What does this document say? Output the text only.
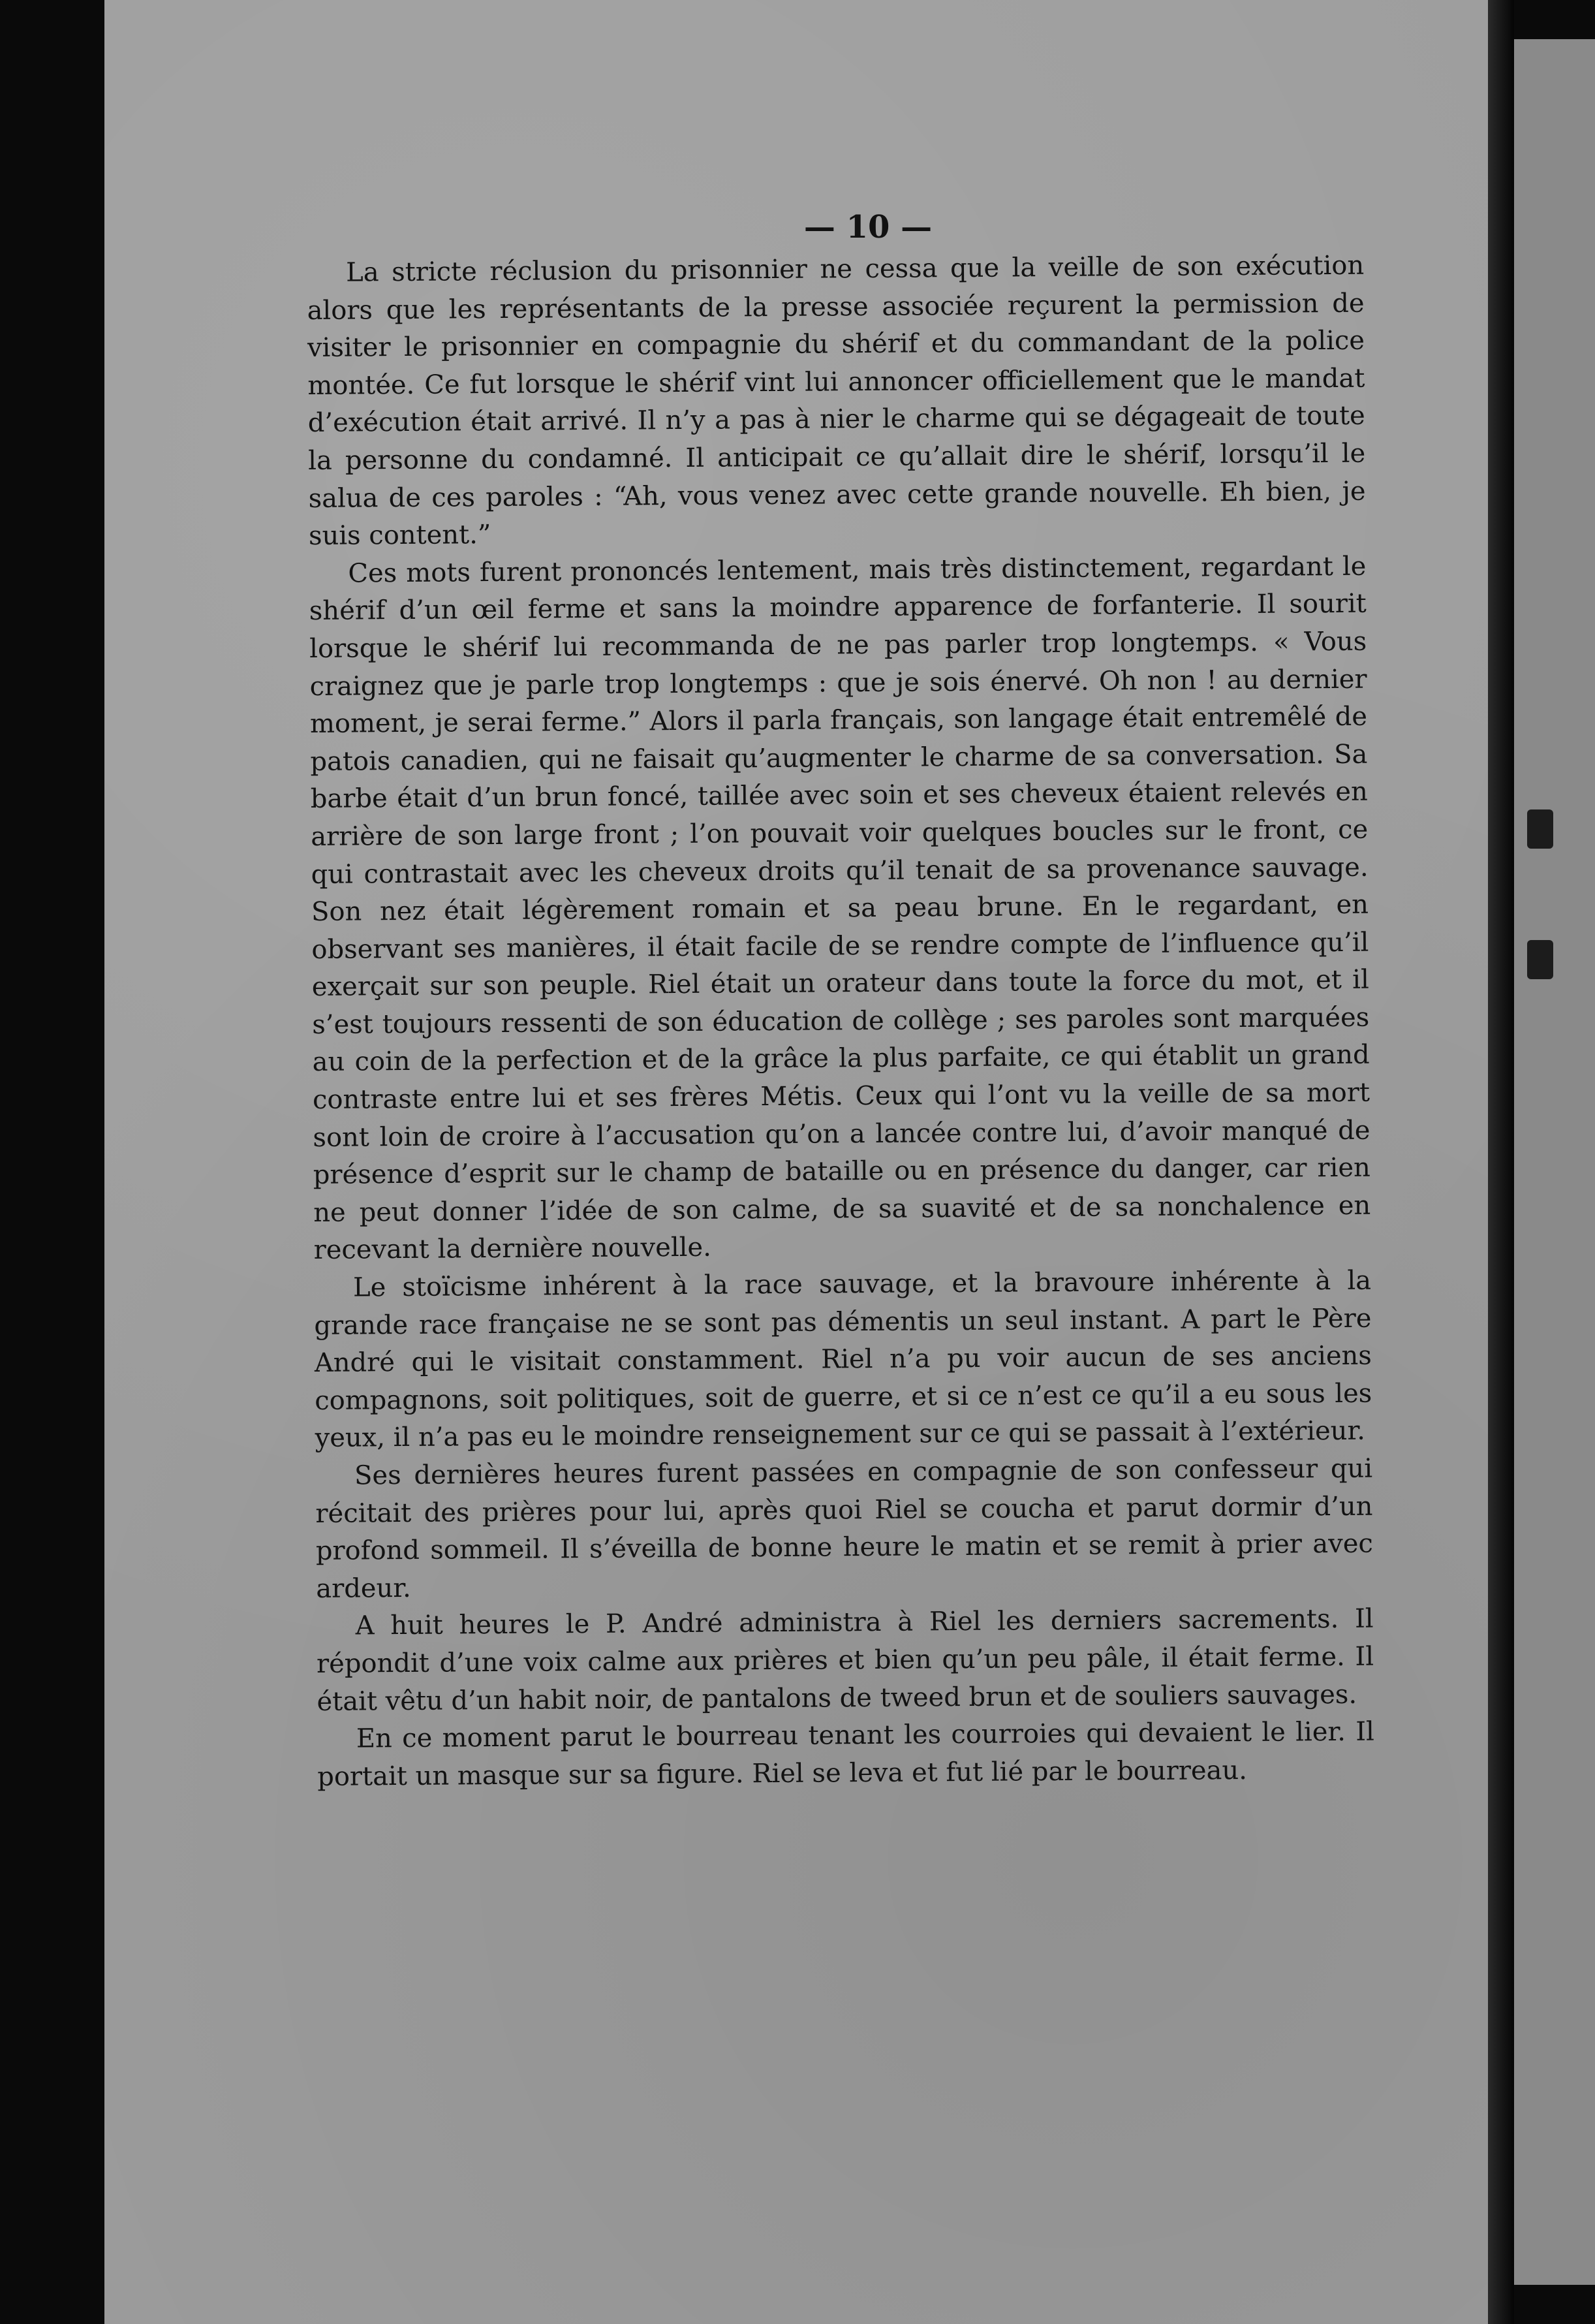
— 10 —

La stricte réclusion du prisonnier ne cessa que la veille de son exécution alors que les représentants de la presse associée reçurent la permission de visiter le prisonnier en compagnie du shérif et du commandant de la police montée. Ce fut lorsque le shérif vint lui annoncer officiellement que le mandat d’exécution était arrivé. Il n’y a pas à nier le charme qui se dégageait de toute la personne du condamné. Il anticipait ce qu’allait dire le shérif, lorsqu’il le salua de ces paroles : “Ah, vous venez avec cette grande nouvelle. Eh bien, je suis content.”

Ces mots furent prononcés lentement, mais très distinctement, regardant le shérif d’un œil ferme et sans la moindre apparence de forfanterie. Il sourit lorsque le shérif lui recommanda de ne pas parler trop longtemps. « Vous craignez que je parle trop longtemps : que je sois énervé. Oh non ! au dernier moment, je serai ferme.” Alors il parla français, son langage était entremêlé de patois canadien, qui ne faisait qu’augmenter le charme de sa conversation. Sa barbe était d’un brun foncé, taillée avec soin et ses cheveux étaient relevés en arrière de son large front ; l’on pouvait voir quelques boucles sur le front, ce qui contrastait avec les cheveux droits qu’il tenait de sa provenance sauvage. Son nez était légèrement romain et sa peau brune. En le regardant, en observant ses manières, il était facile de se rendre compte de l’influence qu’il exerçait sur son peuple. Riel était un orateur dans toute la force du mot, et il s’est toujours ressenti de son éducation de collège ; ses paroles sont marquées au coin de la perfection et de la grâce la plus parfaite, ce qui établit un grand contraste entre lui et ses frères Métis. Ceux qui l’ont vu la veille de sa mort sont loin de croire à l’accusation qu’on a lancée contre lui, d’avoir manqué de présence d’esprit sur le champ de bataille ou en présence du danger, car rien ne peut donner l’idée de son calme, de sa suavité et de sa nonchalence en recevant la dernière nouvelle.

Le stoïcisme inhérent à la race sauvage, et la bravoure inhérente à la grande race française ne se sont pas démentis un seul instant. A part le Père André qui le visitait constamment. Riel n’a pu voir aucun de ses anciens compagnons, soit politiques, soit de guerre, et si ce n’est ce qu’il a eu sous les yeux, il n’a pas eu le moindre renseignement sur ce qui se passait à l’extérieur.

Ses dernières heures furent passées en compagnie de son confesseur qui récitait des prières pour lui, après quoi Riel se coucha et parut dormir d’un profond sommeil. Il s’éveilla de bonne heure le matin et se remit à prier avec ardeur.

A huit heures le P. André administra à Riel les derniers sacrements. Il répondit d’une voix calme aux prières et bien qu’un peu pâle, il était ferme. Il était vêtu d’un habit noir, de pantalons de tweed brun et de souliers sauvages.

En ce moment parut le bourreau tenant les courroies qui devaient le lier. Il portait un masque sur sa figure. Riel se leva et fut lié par le bourreau.
